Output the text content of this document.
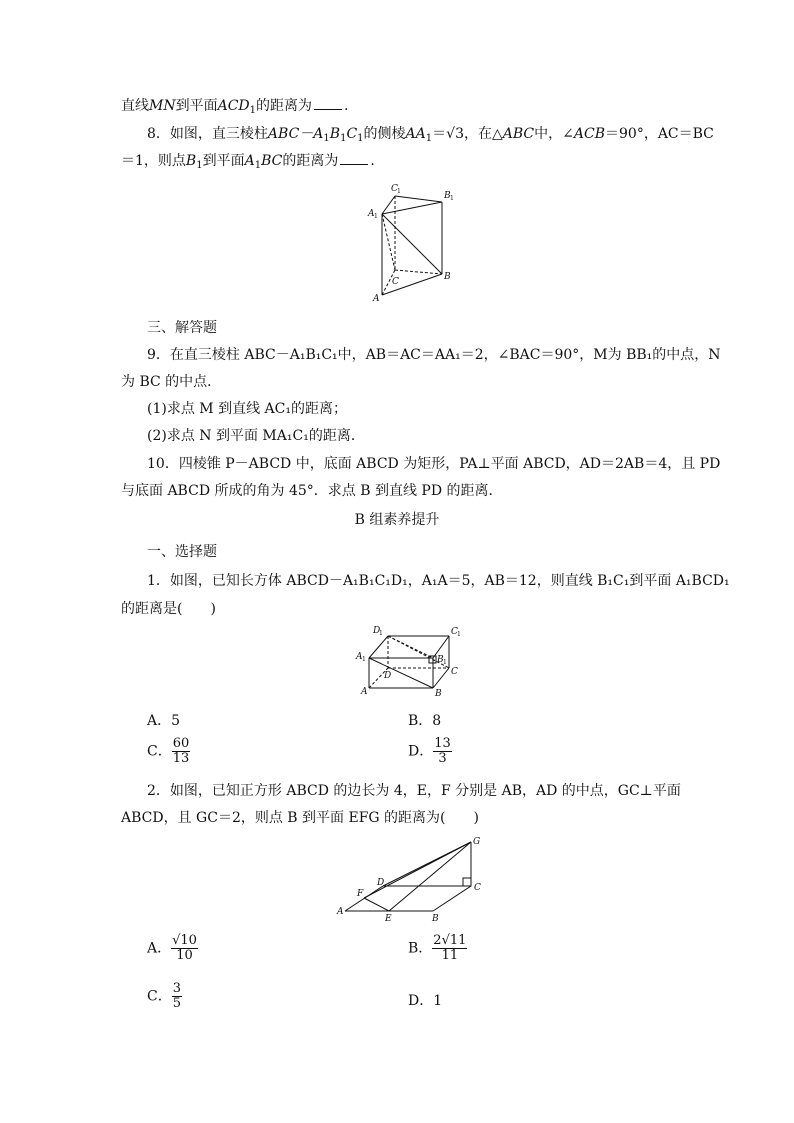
直线MN到平面$ACD_1$的距离为 .
8．如图，直三棱柱$ABC-A_1B_1C_1$的侧棱$AA_1=√3$，在△ABC中，∠ACB＝90°，AC＝BC
＝1，则点$B_1$到平面$A_1BC$的距离为 .
C 1	B 1
A 1
C	B
A
三、解答题
9．在直三棱柱 ABC－A₁B₁C₁中，AB＝AC＝AA₁＝2，∠BAC＝90°，M为 BB₁的中点，N
为 BC 的中点．
(1)求点 M 到直线 AC₁的距离；
(2)求点 N 到平面 MA₁C₁的距离．
10．四棱锥 P－ABCD 中，底面 ABCD 为矩形，PA⊥平面 ABCD，AD＝2AB＝4，且 PD
与底面 ABCD 所成的角为 45°．求点 B 到直线 PD 的距离．
B 组素养提升
一、选择题
1．如图，已知长方体 ABCD－A₁B₁C₁D₁，A₁A＝5，AB＝12，则直线 B₁C₁到平面 A₁BCD₁
的距离是(　　)
D
1	C 1
A 1	B 1
C
D
A	B
A．5	B．8
C． $\frac{60}{13}$	D． $\frac{13}{3}$
2．如图，已知正方形 ABCD 的边长为 4，E，F 分别是 AB，AD 的中点，GC⊥平面
ABCD，且 GC＝2，则点 B 到平面 EFG 的距离为(　　)
G
F
D	C
A
E	B
A． $\frac{√10}{10}$	B． $\frac{2√11}{11}$
C． $\frac{3}{5}$	D．1
